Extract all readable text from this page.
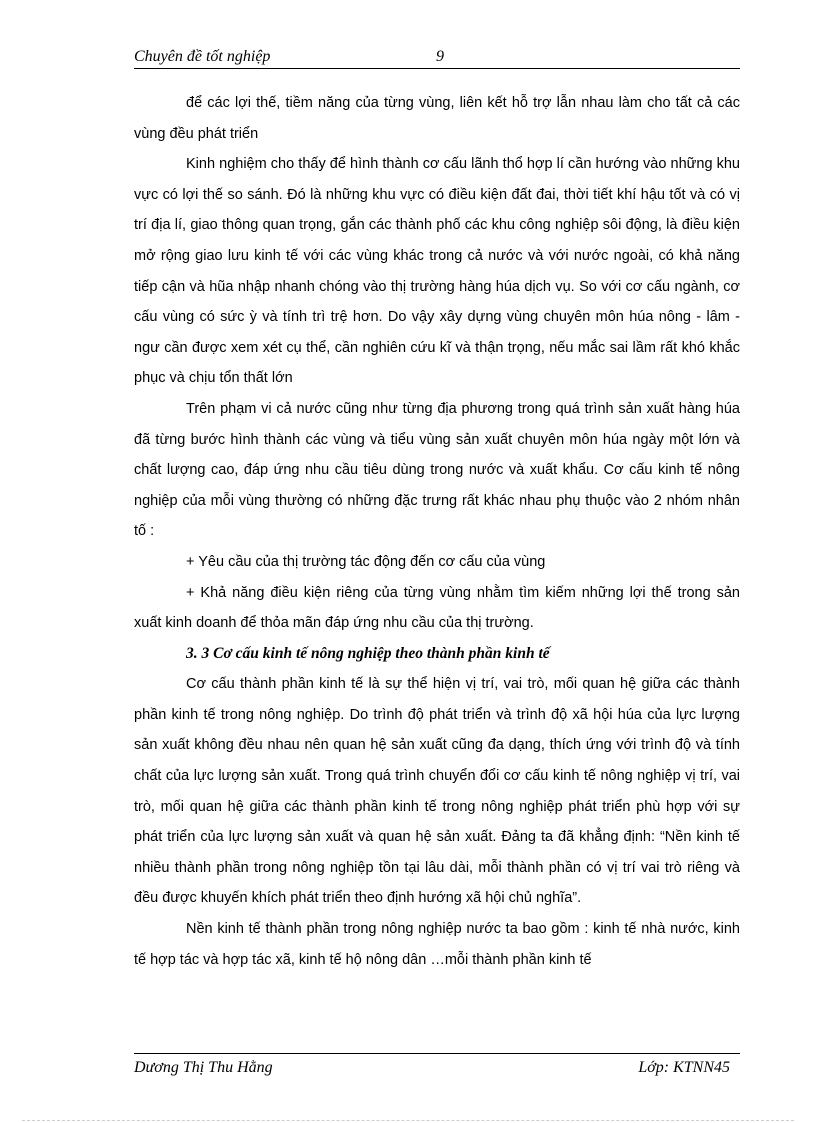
Chuyên đề tốt nghiệp	9

để các lợi thế, tiềm năng của từng vùng, liên kết hỗ trợ lẫn nhau làm cho tất cả các vùng đều phát triển

Kinh nghiệm cho thấy để hình thành cơ cấu lãnh thổ hợp lí cần hướng vào những khu vực có lợi thế so sánh. Đó là những khu vực có điều kiện đất đai, thời tiết khí hậu tốt và có vị trí địa lí, giao thông quan trọng, gắn các thành phố các khu công nghiệp sôi động, là điều kiện mở rộng giao lưu kinh tế với các vùng khác trong cả nước và với nước ngoài, có khả năng tiếp cận và hũa nhập nhanh chóng vào thị trường hàng húa dịch vụ. So với cơ cấu ngành, cơ cấu vùng có sức ỳ và tính trì trệ hơn. Do vậy xây dựng vùng chuyên môn húa nông - lâm - ngư cần được xem xét cụ thể, cần nghiên cứu kĩ và thận trọng, nếu mắc sai lầm rất khó khắc phục và chịu tổn thất lớn

Trên phạm vi cả nước cũng như từng địa phương trong quá trình sản xuất hàng húa đã từng bước hình thành các vùng và tiểu vùng sản xuất chuyên môn húa ngày một lớn và chất lượng cao, đáp ứng nhu cầu tiêu dùng trong nước và xuất khẩu. Cơ cấu kinh tế nông nghiệp của mỗi vùng thường có những đặc trưng rất khác nhau phụ thuộc vào 2 nhóm nhân tố :

+ Yêu cầu của thị trường tác động đến cơ cấu của vùng

+ Khả năng điều kiện riêng của từng vùng nhằm tìm kiếm những lợi thế trong sản xuất kinh doanh để thỏa mãn đáp ứng nhu cầu của thị trường.

3. 3 Cơ cấu kinh tế nông nghiệp theo thành phần kinh tế

Cơ cấu thành phần kinh tế là sự thể hiện vị trí, vai trò, mối quan hệ giữa các thành phần kinh tế trong nông nghiệp. Do trình độ phát triển và trình độ xã hội húa của lực lượng sản xuất không đều nhau nên quan hệ sản xuất cũng đa dạng, thích ứng với trình độ và tính chất của lực lượng sản xuất. Trong quá trình chuyển đổi cơ cấu kinh tế nông nghiệp vị trí, vai trò, mối quan hệ giữa các thành phần kinh tế trong nông nghiệp phát triển phù hợp với sự phát triển của lực lượng sản xuất và quan hệ sản xuất. Đảng ta đã khẳng định: “Nền kinh tế nhiều thành phần trong nông nghiệp tồn tại lâu dài, mỗi thành phần có vị trí vai trò riêng và đều được khuyến khích phát triển theo định hướng xã hội chủ nghĩa”.

Nền kinh tế thành phần trong nông nghiệp nước ta bao gồm : kinh tế nhà nước, kinh tế hợp tác và hợp tác xã, kinh tế hộ nông dân …mỗi thành phần kinh tế

Dương Thị Thu Hằng	Lớp: KTNN45
